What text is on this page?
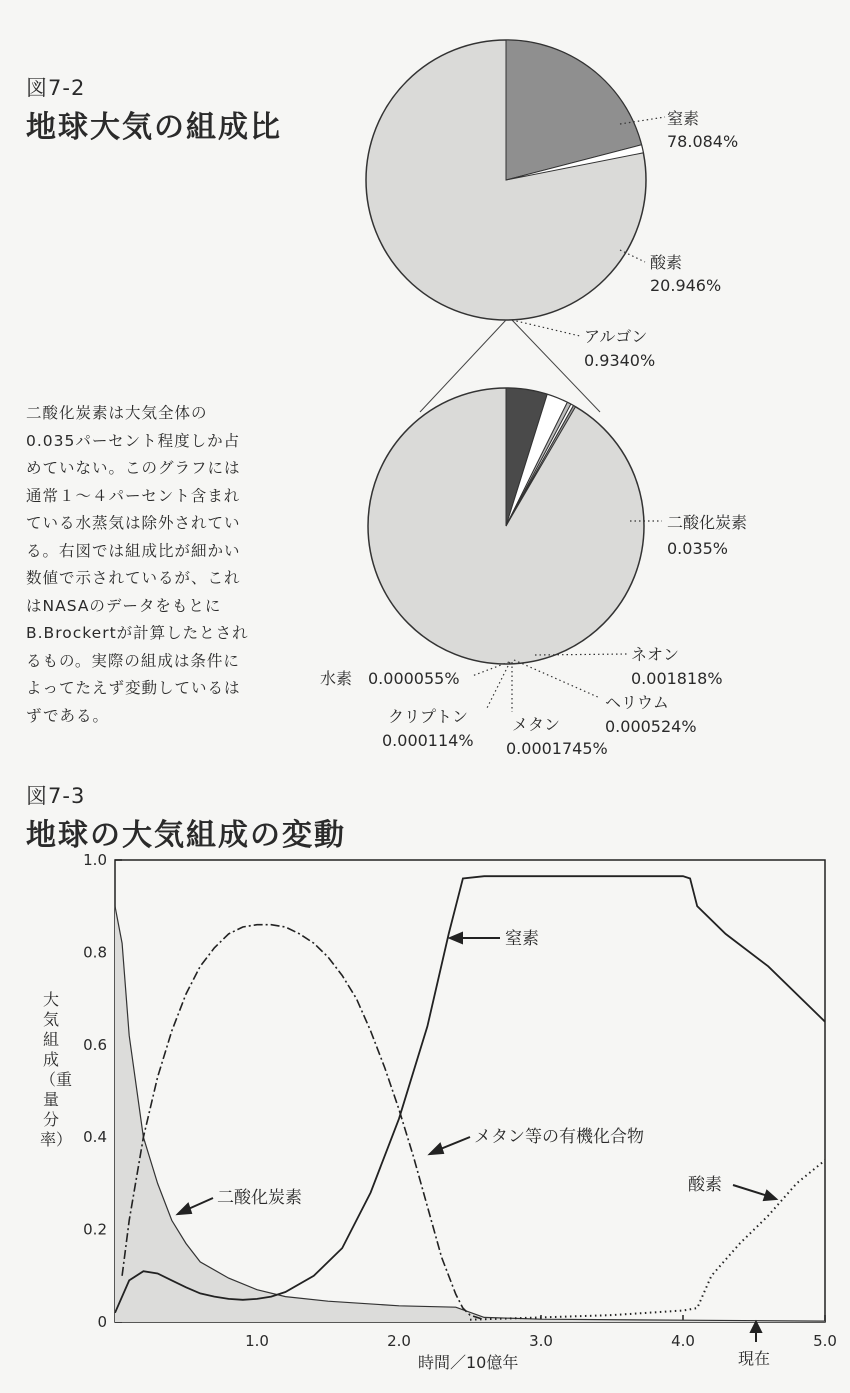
図7-2
地球大気の組成比
二酸化炭素は大気全体の0.035パーセント程度しか占めていない。このグラフには通常１～４パーセント含まれている水蒸気は除外されている。右図では組成比が細かい数値で示されているが、これはNASAのデータをもとにB.Brockertが計算したとされるもの。実際の組成は条件によってたえず変動しているはずである。
0
0.2
0.4
0.6
0.8
1.0
1.0	2.0	3.0	4.0	5.0
窒素
78.084%
酸素
20.946%
アルゴン
0.9340%
二酸化炭素
0.035%
ネオン
0.001818%
ヘリウム
0.000524%
メタン
0.0001745%
クリプトン
0.000114%
水素 0.000055%
図7-3
地球の大気組成の変動
大気組成（重量分率）
時間／10億年	現在
窒素
メタン等の有機化合物
二酸化炭素
酸素
